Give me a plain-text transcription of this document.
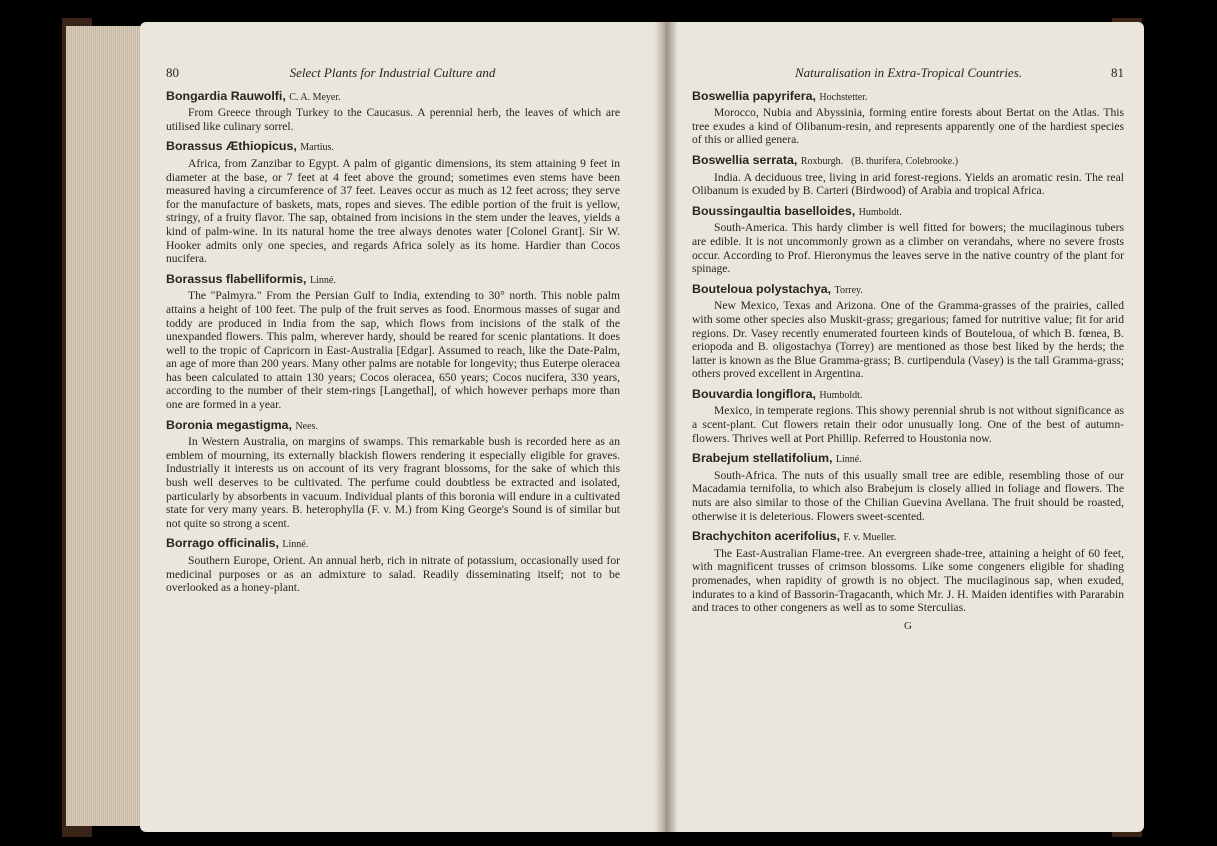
80	Select Plants for Industrial Culture and
Bongardia Rauwolfi, C. A. Meyer.
From Greece through Turkey to the Caucasus. A perennial herb, the leaves of which are utilised like culinary sorrel.
Borassus Æthiopicus, Martius.
Africa, from Zanzibar to Egypt. A palm of gigantic dimensions, its stem attaining 9 feet in diameter at the base, or 7 feet at 4 feet above the ground; sometimes even stems have been measured having a circumference of 37 feet. Leaves occur as much as 12 feet across; they serve for the manufacture of baskets, mats, ropes and sieves. The edible portion of the fruit is yellow, stringy, of a fruity flavor. The sap, obtained from incisions in the stem under the leaves, yields a kind of palm-wine. In its natural home the tree always denotes water [Colonel Grant]. Sir W. Hooker admits only one species, and regards Africa solely as its home. Hardier than Cocos nucifera.
Borassus flabelliformis, Linné.
The "Palmyra." From the Persian Gulf to India, extending to 30° north. This noble palm attains a height of 100 feet. The pulp of the fruit serves as food. Enormous masses of sugar and toddy are produced in India from the sap, which flows from incisions of the stalk of the unexpanded flowers. This palm, wherever hardy, should be reared for scenic plantations. It does well to the tropic of Capricorn in East-Australia [Edgar]. Assumed to reach, like the Date-Palm, an age of more than 200 years. Many other palms are notable for longevity; thus Euterpe oleracea has been calculated to attain 130 years; Cocos oleracea, 650 years; Cocos nucifera, 330 years, according to the number of their stem-rings [Langethal], of which however perhaps more than one are formed in a year.
Boronia megastigma, Nees.
In Western Australia, on margins of swamps. This remarkable bush is recorded here as an emblem of mourning, its externally blackish flowers rendering it especially eligible for graves. Industrially it interests us on account of its very fragrant blossoms, for the sake of which this bush well deserves to be cultivated. The perfume could doubtless be extracted and isolated, particularly by absorbents in vacuum. Individual plants of this boronia will endure in a cultivated state for very many years. B. heterophylla (F. v. M.) from King George's Sound is of similar but not quite so strong a scent.
Borrago officinalis, Linné.
Southern Europe, Orient. An annual herb, rich in nitrate of potassium, occasionally used for medicinal purposes or as an admixture to salad. Readily disseminating itself; not to be overlooked as a honey-plant.
Naturalisation in Extra-Tropical Countries.	81
Boswellia papyrifera, Hochstetter.
Morocco, Nubia and Abyssinia, forming entire forests about Bertat on the Atlas. This tree exudes a kind of Olibanum-resin, and represents apparently one of the hardiest species of this or allied genera.
Boswellia serrata, Roxburgh. (B. thurifera, Colebrooke.)
India. A deciduous tree, living in arid forest-regions. Yields an aromatic resin. The real Olibanum is exuded by B. Carteri (Birdwood) of Arabia and tropical Africa.
Boussingaultia baselloides, Humboldt.
South-America. This hardy climber is well fitted for bowers; the mucilaginous tubers are edible. It is not uncommonly grown as a climber on verandahs, where no severe frosts occur. According to Prof. Hieronymus the leaves serve in the native country of the plant for spinage.
Bouteloua polystachya, Torrey.
New Mexico, Texas and Arizona. One of the Gramma-grasses of the prairies, called with some other species also Muskit-grass; gregarious; famed for nutritive value; fit for arid regions. Dr. Vasey recently enumerated fourteen kinds of Bouteloua, of which B. fœnea, B. eriopoda and B. oligostachya (Torrey) are mentioned as those best liked by the herds; the latter is known as the Blue Gramma-grass; B. curtipendula (Vasey) is the tall Gramma-grass; others proved excellent in Argentina.
Bouvardia longiflora, Humboldt.
Mexico, in temperate regions. This showy perennial shrub is not without significance as a scent-plant. Cut flowers retain their odor unusually long. One of the best of autumn-flowers. Thrives well at Port Phillip. Referred to Houstonia now.
Brabejum stellatifolium, Linné.
South-Africa. The nuts of this usually small tree are edible, resembling those of our Macadamia ternifolia, to which also Brabejum is closely allied in foliage and flowers. The nuts are also similar to those of the Chilian Guevina Avellana. The fruit should be roasted, otherwise it is deleterious. Flowers sweet-scented.
Brachychiton acerifolius, F. v. Mueller.
The East-Australian Flame-tree. An evergreen shade-tree, attaining a height of 60 feet, with magnificent trusses of crimson blossoms. Like some congeners eligible for shading promenades, when rapidity of growth is no object. The mucilaginous sap, when exuded, indurates to a kind of Bassorin-Tragacanth, which Mr. J. H. Maiden identifies with Pararabin and traces to other congeners as well as to some Sterculias.
G
